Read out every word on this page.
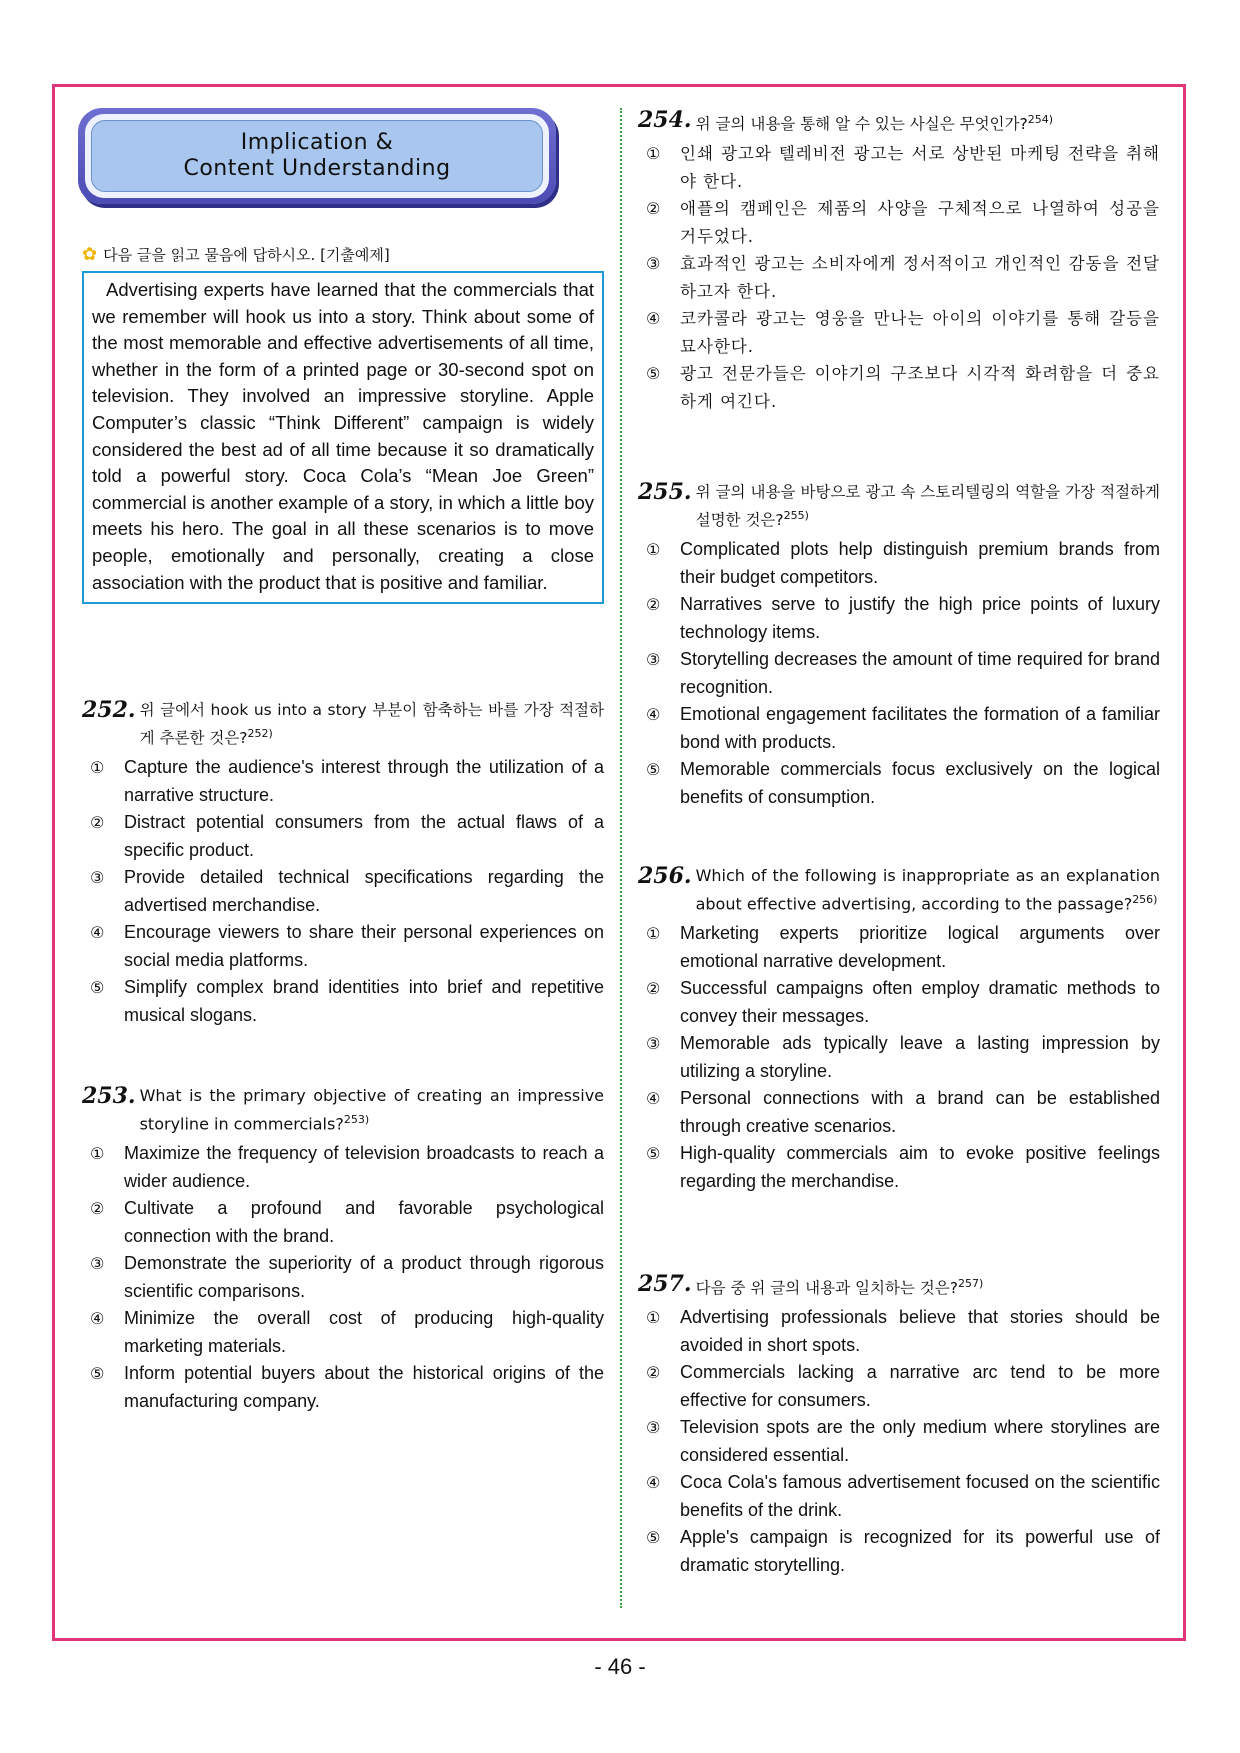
Implication &
Content Understanding
✿ 다음 글을 읽고 물음에 답하시오. [기출예제]
Advertising experts have learned that the commercials that we remember will hook us into a story. Think about some of the most memorable and effective advertisements of all time, whether in the form of a printed page or 30-second spot on television. They involved an impressive storyline. Apple Computer’s classic “Think Different” campaign is widely considered the best ad of all time because it so dramatically told a powerful story. Coca Cola’s “Mean Joe Green” commercial is another example of a story, in which a little boy meets his hero. The goal in all these scenarios is to move people, emotionally and personally, creating a close association with the product that is positive and familiar.
252. 위 글에서 hook us into a story 부분이 함축하는 바를 가장 적절하게 추론한 것은?$^{252)}$
①	Capture the audience's interest through the utilization of a narrative structure.
②	Distract potential consumers from the actual flaws of a specific product.
③	Provide detailed technical specifications regarding the advertised merchandise.
④	Encourage viewers to share their personal experiences on social media platforms.
⑤	Simplify complex brand identities into brief and repetitive musical slogans.
253. What is the primary objective of creating an impressive storyline in commercials?$^{253)}$
①	Maximize the frequency of television broadcasts to reach a wider audience.
②	Cultivate a profound and favorable psychological connection with the brand.
③	Demonstrate the superiority of a product through rigorous scientific comparisons.
④	Minimize the overall cost of producing high-quality marketing materials.
⑤	Inform potential buyers about the historical origins of the manufacturing company.
254. 위 글의 내용을 통해 알 수 있는 사실은 무엇인가?$^{254)}$
①	인쇄 광고와 텔레비전 광고는 서로 상반된 마케팅 전략을 취해야 한다.
②	애플의 캠페인은 제품의 사양을 구체적으로 나열하여 성공을 거두었다.
③	효과적인 광고는 소비자에게 정서적이고 개인적인 감동을 전달하고자 한다.
④	코카콜라 광고는 영웅을 만나는 아이의 이야기를 통해 갈등을 묘사한다.
⑤	광고 전문가들은 이야기의 구조보다 시각적 화려함을 더 중요하게 여긴다.
255. 위 글의 내용을 바탕으로 광고 속 스토리텔링의 역할을 가장 적절하게 설명한 것은?$^{255)}$
①	Complicated plots help distinguish premium brands from their budget competitors.
②	Narratives serve to justify the high price points of luxury technology items.
③	Storytelling decreases the amount of time required for brand recognition.
④	Emotional engagement facilitates the formation of a familiar bond with products.
⑤	Memorable commercials focus exclusively on the logical benefits of consumption.
256. Which of the following is inappropriate as an explanation about effective advertising, according to the passage?$^{256)}$
①	Marketing experts prioritize logical arguments over emotional narrative development.
②	Successful campaigns often employ dramatic methods to convey their messages.
③	Memorable ads typically leave a lasting impression by utilizing a storyline.
④	Personal connections with a brand can be established through creative scenarios.
⑤	High-quality commercials aim to evoke positive feelings regarding the merchandise.
257. 다음 중 위 글의 내용과 일치하는 것은?$^{257)}$
①	Advertising professionals believe that stories should be avoided in short spots.
②	Commercials lacking a narrative arc tend to be more effective for consumers.
③	Television spots are the only medium where storylines are considered essential.
④	Coca Cola's famous advertisement focused on the scientific benefits of the drink.
⑤	Apple's campaign is recognized for its powerful use of dramatic storytelling.
- 46 -
